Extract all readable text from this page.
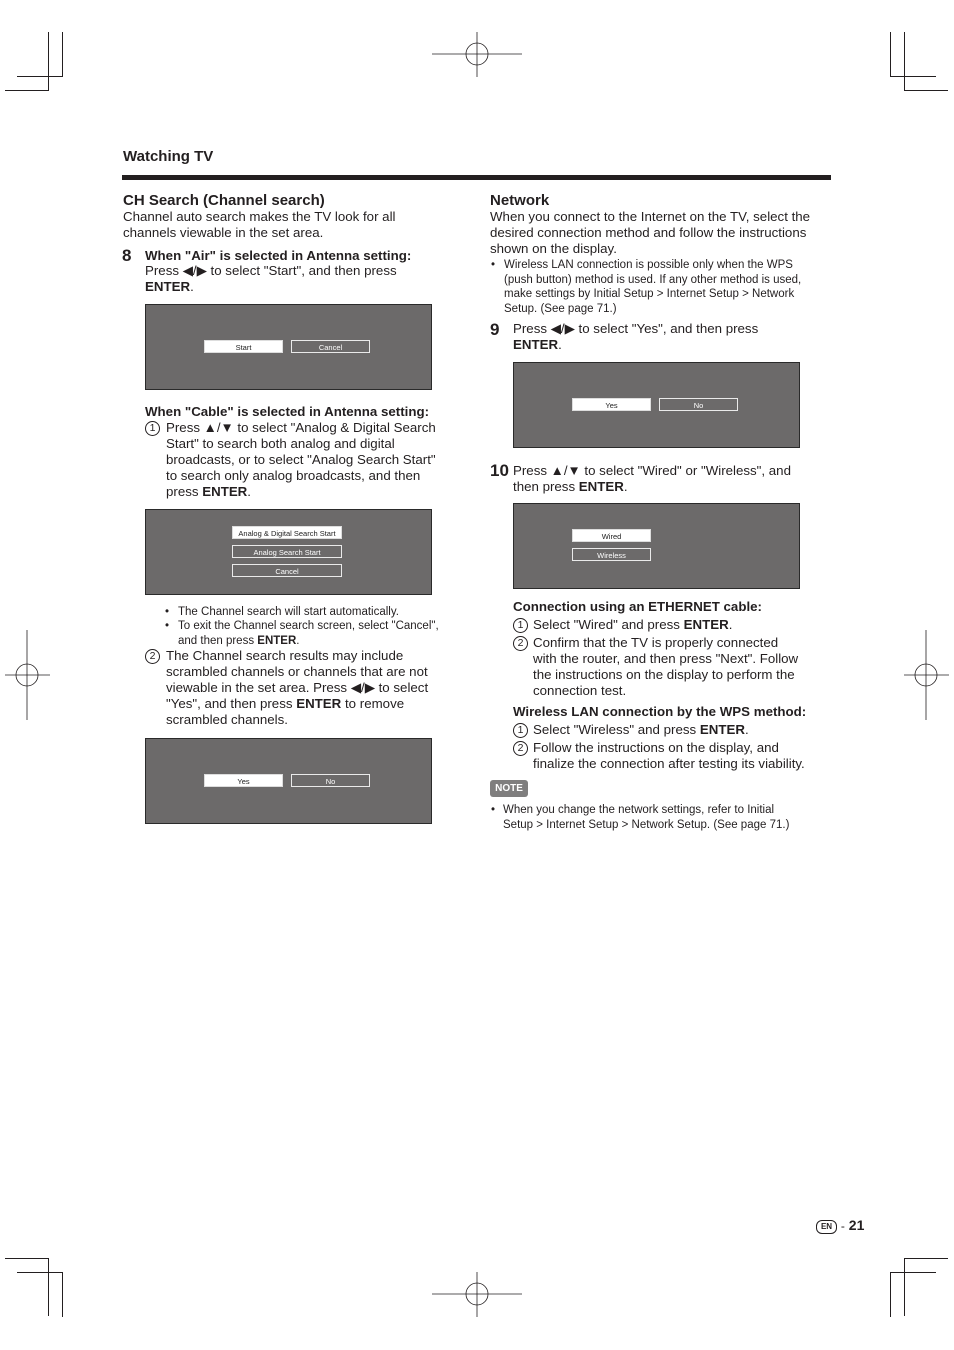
Watching TV
CH Search (Channel search)
Channel auto search makes the TV look for all channels viewable in the set area.
8 When "Air" is selected in Antenna setting:
Press ◀/▶ to select "Start", and then press
ENTER.
Start	Cancel
When "Cable" is selected in Antenna setting:
1 Press ▲/▼ to select "Analog & Digital Search
Start" to search both analog and digital
broadcasts, or to select "Analog Search Start"
to search only analog broadcasts, and then
press ENTER.
Analog & Digital Search Start
Analog Search Start
Cancel
• The Channel search will start automatically.
• To exit the Channel search screen, select "Cancel",
and then press ENTER.
2 The Channel search results may include
scrambled channels or channels that are not
viewable in the set area. Press ◀/▶ to select
"Yes", and then press ENTER to remove
scrambled channels.
Yes	No
Network
When you connect to the Internet on the TV, select the
desired connection method and follow the instructions
shown on the display.
• Wireless LAN connection is possible only when the WPS
(push button) method is used. If any other method is used,
make settings by Initial Setup > Internet Setup > Network
Setup. (See page 71.)
9 Press ◀/▶ to select "Yes", and then press
ENTER.
Yes	No
10 Press ▲/▼ to select "Wired" or "Wireless", and
then press ENTER.
Wired
Wireless
Connection using an ETHERNET cable:
1 Select "Wired" and press ENTER.
2 Confirm that the TV is properly connected
with the router, and then press "Next". Follow
the instructions on the display to perform the
connection test.
Wireless LAN connection by the WPS method:
1 Select "Wireless" and press ENTER.
2 Follow the instructions on the display, and
finalize the connection after testing its viability.
NOTE
• When you change the network settings, refer to Initial
Setup > Internet Setup > Network Setup. (See page 71.)
EN - 21
